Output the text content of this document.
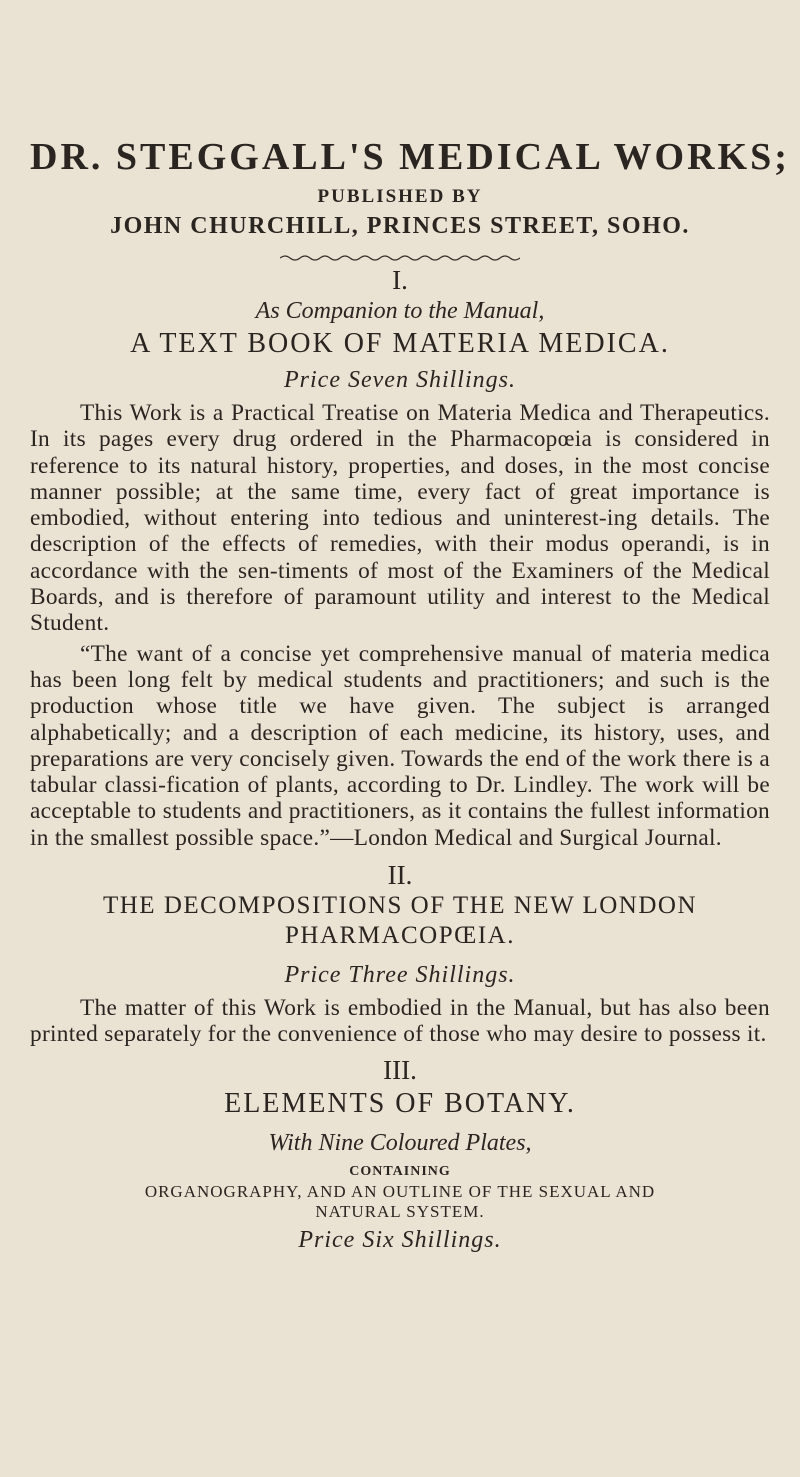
DR. STEGGALL'S MEDICAL WORKS;
PUBLISHED BY
JOHN CHURCHILL, PRINCES STREET, SOHO.
I.
As Companion to the Manual,
A TEXT BOOK OF MATERIA MEDICA.
Price Seven Shillings.

This Work is a Practical Treatise on Materia Medica and Therapeutics. In its pages every drug ordered in the Pharmacopœia is considered in reference to its natural history, properties, and doses, in the most concise manner possible; at the same time, every fact of great importance is embodied, without entering into tedious and uninterest-ing details. The description of the effects of remedies, with their modus operandi, is in accordance with the sen-timents of most of the Examiners of the Medical Boards, and is therefore of paramount utility and interest to the Medical Student.

“The want of a concise yet comprehensive manual of materia medica has been long felt by medical students and practitioners; and such is the production whose title we have given. The subject is arranged alphabetically; and a description of each medicine, its history, uses, and preparations are very concisely given. Towards the end of the work there is a tabular classi-fication of plants, according to Dr. Lindley. The work will be acceptable to students and practitioners, as it contains the fullest information in the smallest possible space.”—London Medical and Surgical Journal.

II.
THE DECOMPOSITIONS OF THE NEW LONDON PHARMACOPŒIA.
Price Three Shillings.

The matter of this Work is embodied in the Manual, but has also been printed separately for the convenience of those who may desire to possess it.

III.
ELEMENTS OF BOTANY.
With Nine Coloured Plates,
CONTAINING
ORGANOGRAPHY, AND AN OUTLINE OF THE SEXUAL AND NATURAL SYSTEM.
Price Six Shillings.
